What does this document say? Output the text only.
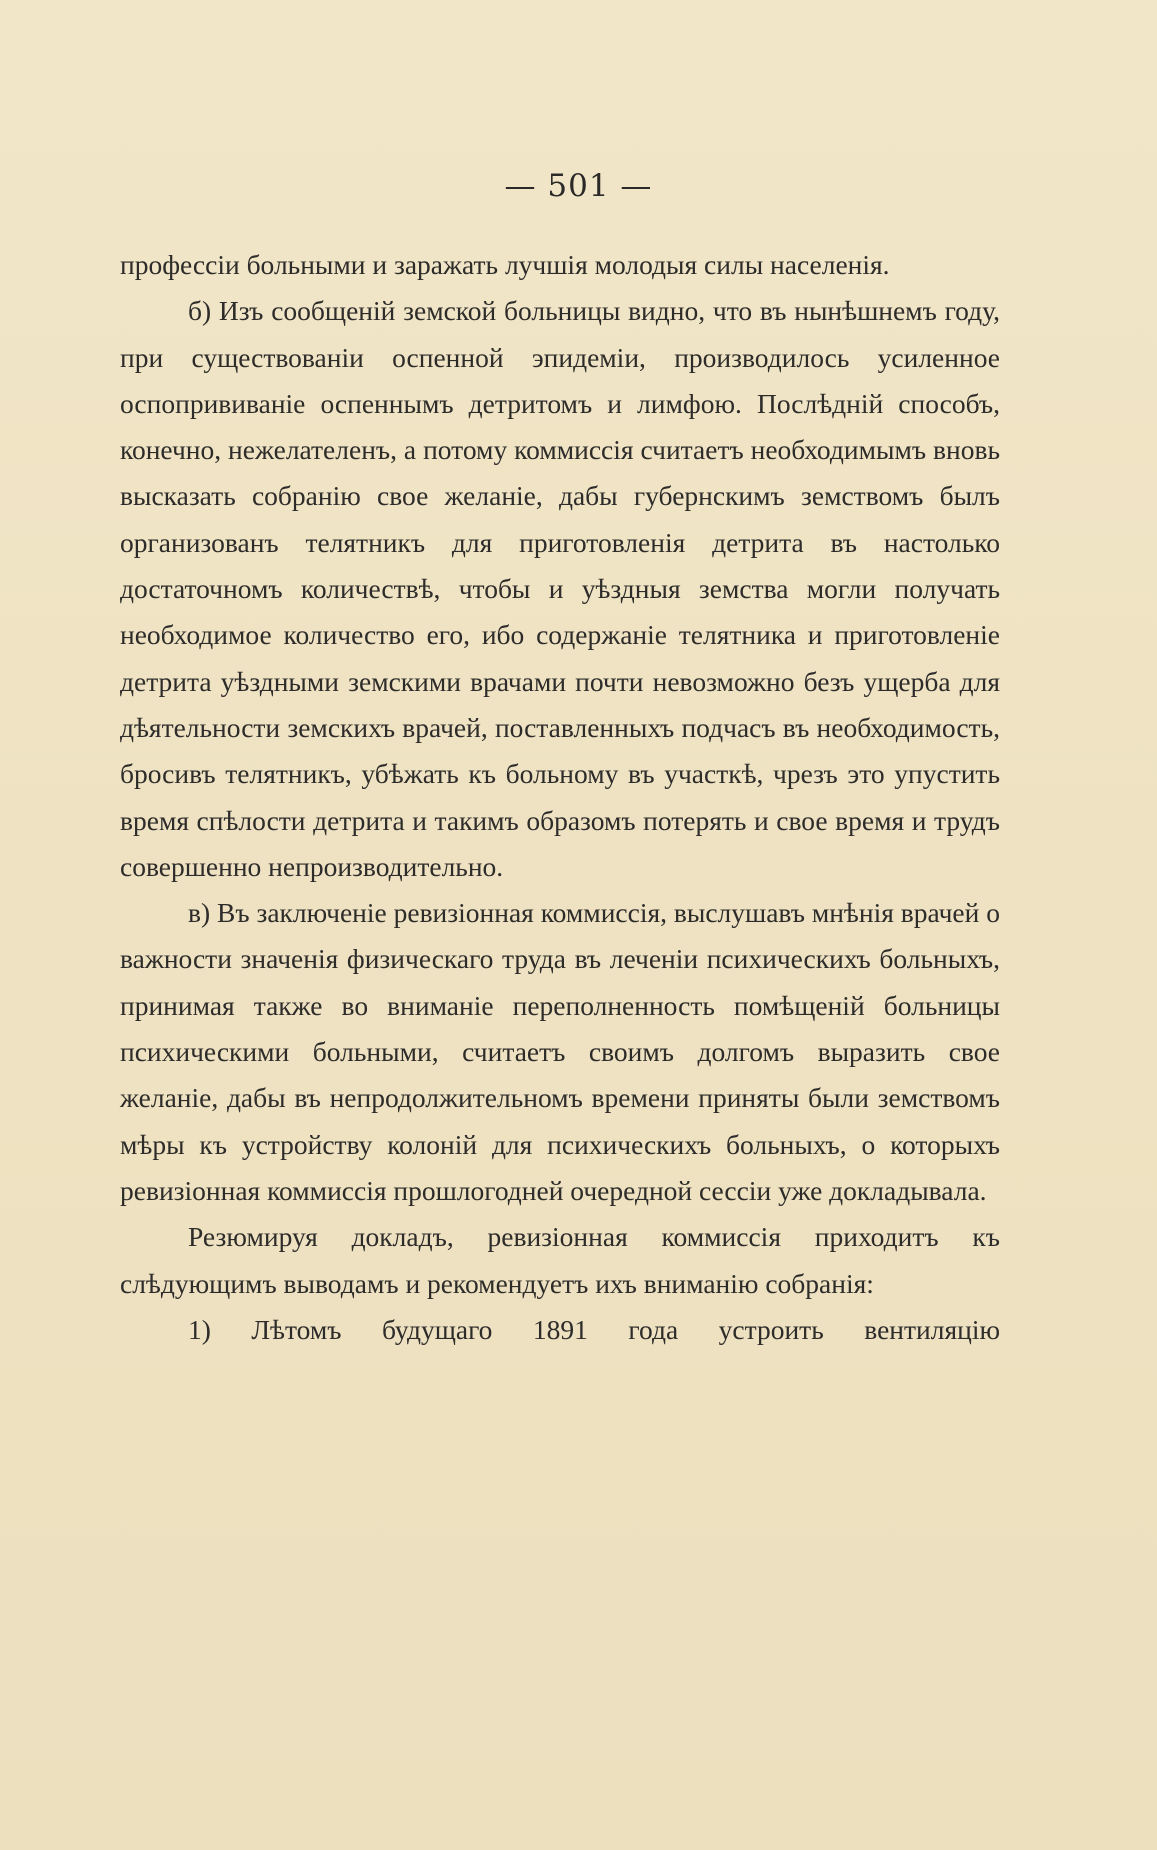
— 501 —

профессiи больными и заражать лучшiя молодыя силы населенiя.

б) Изъ сообщенiй земской больницы видно, что въ нынѣшнемъ году, при существованiи оспенной эпидемiи, производилось усиленное оспопрививанiе оспеннымъ детритомъ и лимфою. Послѣднiй способъ, конечно, нежелателенъ, а потому коммиссiя считаетъ необходимымъ вновь высказать собранiю свое желанiе, дабы губернскимъ земствомъ былъ организованъ телятникъ для приготовленiя детрита въ настолько достаточномъ количествѣ, чтобы и уѣздныя земства могли получать необходимое количество его, ибо содержанiе телятника и приготовленiе детрита уѣздными земскими врачами почти невозможно безъ ущерба для дѣятельности земскихъ врачей, поставленныхъ подчасъ въ необходимость, бросивъ телятникъ, убѣжать къ больному въ участкѣ, чрезъ это упустить время спѣлости детрита и такимъ образомъ потерять и свое время и трудъ совершенно непроизводительно.

в) Въ заключенiе ревизiонная коммиссiя, выслушавъ мнѣнiя врачей о важности значенiя физическаго труда въ леченiи психическихъ больныхъ, принимая также во вниманiе переполненность помѣщенiй больницы психическими больными, считаетъ своимъ долгомъ выразить свое желанiе, дабы въ непродолжительномъ времени приняты были земствомъ мѣры къ устройству колонiй для психическихъ больныхъ, о которыхъ ревизiонная коммиссiя прошлогодней очередной сессiи уже докладывала.

Резюмируя докладъ, ревизiонная коммиссiя приходитъ къ слѣдующимъ выводамъ и рекомендуетъ ихъ вниманiю собранiя:

1) Лѣтомъ будущаго 1891 года устроить вентиляцiю
